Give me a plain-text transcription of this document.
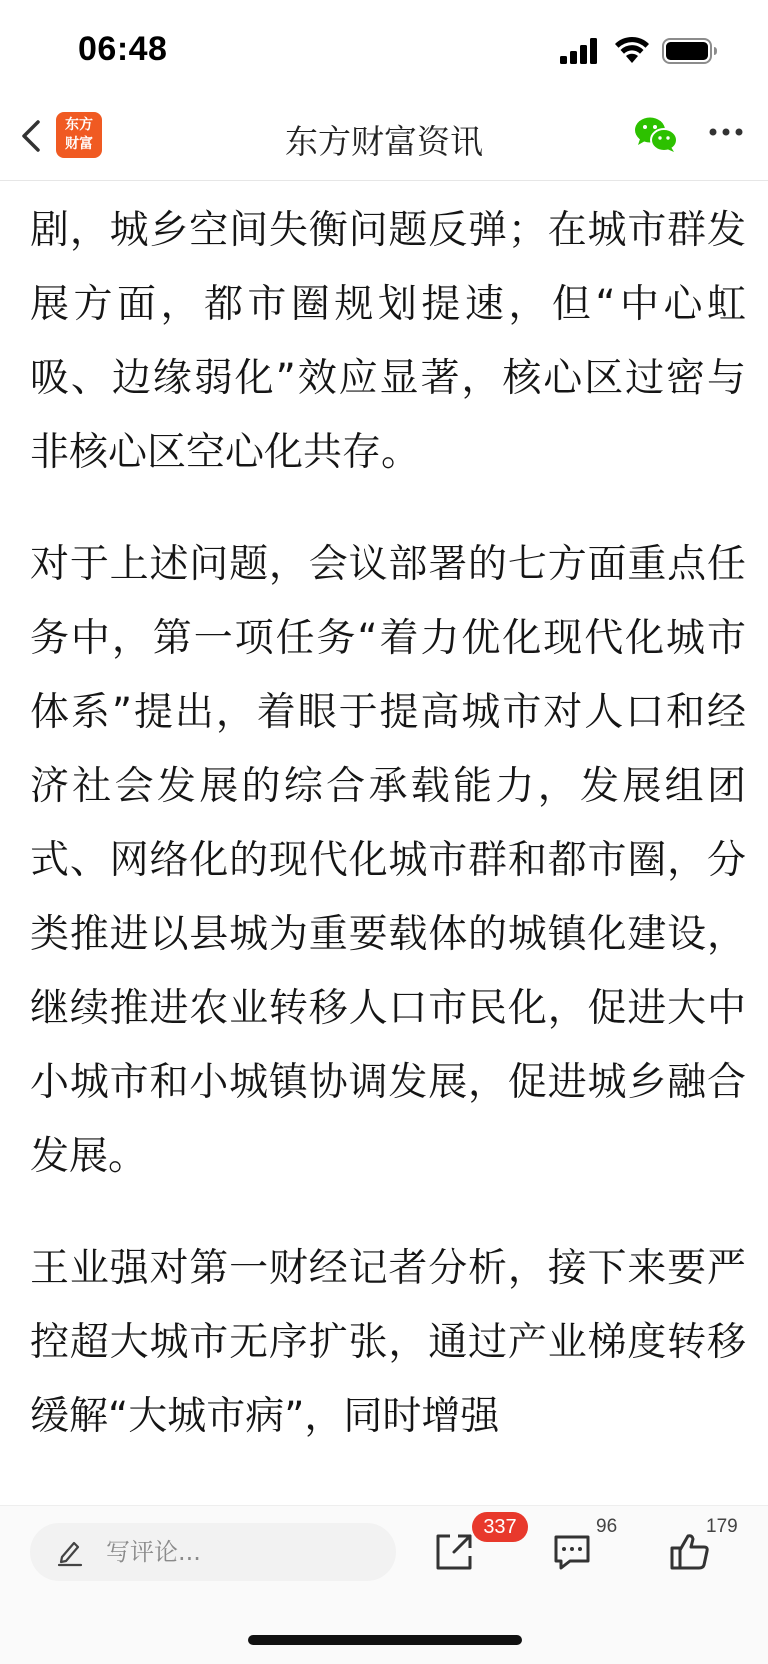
06:48
东方
财富	东方财富资讯

剧，城乡空间失衡问题反弹；在城市群发展方面，都市圈规划提速，但“中心虹吸、边缘弱化”效应显著，核心区过密与非核心区空心化共存。

对于上述问题，会议部署的七方面重点任务中，第一项任务“着力优化现代化城市体系”提出，着眼于提高城市对人口和经济社会发展的综合承载能力，发展组团式、网络化的现代化城市群和都市圈，分类推进以县城为重要载体的城镇化建设，继续推进农业转移人口市民化，促进大中小城市和小城镇协调发展，促进城乡融合发展。

王业强对第一财经记者分析，接下来要严控超大城市无序扩张，通过产业梯度转移缓解“大城市病”，同时增强

写评论...
337	96	179
